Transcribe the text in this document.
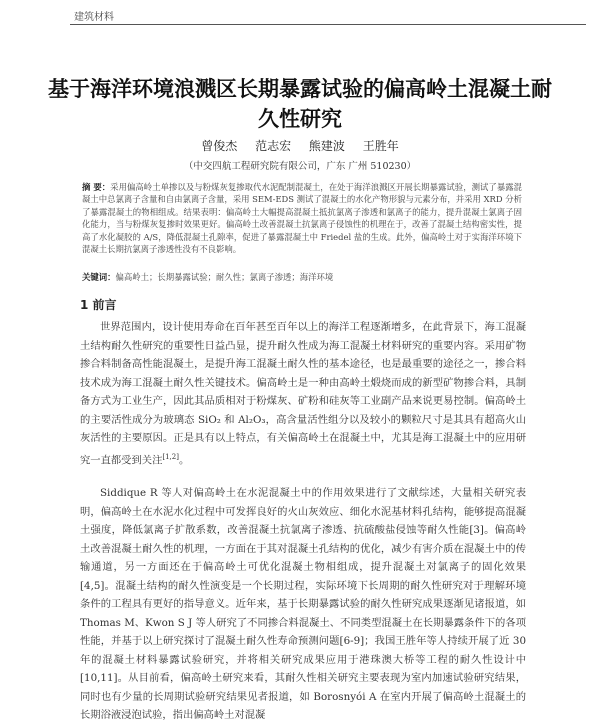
建筑材料
基于海洋环境浪溅区长期暴露试验的偏高岭土混凝土耐久性研究
曾俊杰 范志宏 熊建波 王胜年
（中交四航工程研究院有限公司，广东 广州 510230）
摘 要：采用偏高岭土单掺以及与粉煤灰复掺取代水泥配制混凝土，在处于海洋浪溅区开展长期暴露试验，测试了暴露混凝土中总氯离子含量和自由氯离子含量，采用 SEM-EDS 测试了混凝土的水化产物形貌与元素分布，并采用 XRD 分析了暴露混凝土的物相组成。结果表明：偏高岭土大幅提高混凝土抵抗氯离子渗透和氯离子的能力，提升混凝土氯离子固化能力，当与粉煤灰复掺时效果更好。偏高岭土改善混凝土抗氯离子侵蚀性的机理在于，改善了混凝土结构密实性，提高了水化凝胶的 A/S，降低混凝土孔隙率，促进了暴露混凝土中 Friedel 盐的生成。此外，偏高岭土对于实海洋环境下混凝土长期抗氯离子渗透性没有不良影响。
关键词：偏高岭土；长期暴露试验；耐久性；氯离子渗透；海洋环境
1 前言
世界范围内，设计使用寿命在百年甚至百年以上的海洋工程逐渐增多，在此背景下，海工混凝土结构耐久性研究的重要性日益凸显，提升耐久性成为海工混凝土材料研究的重要内容。采用矿物掺合料制备高性能混凝土，是提升海工混凝土耐久性的基本途径，也是最重要的途径之一，掺合料技术成为海工混凝土耐久性关键技术。偏高岭土是一种由高岭土煅烧而成的新型矿物掺合料，具制备方式为工业生产，因此其品质相对于粉煤灰、矿粉和硅灰等工业副产品来说更易控制。偏高岭土的主要活性成分为玻璃态 SiO₂ 和 Al₂O₃，高含量活性组分以及较小的颗粒尺寸是其具有超高火山灰活性的主要原因。正是具有以上特点，有关偏高岭土在混凝土中，尤其是海工混凝土中的应用研究一直都受到关注[1,2]。
Siddique R 等人对偏高岭土在水泥混凝土中的作用效果进行了文献综述，大量相关研究表明，偏高岭土在水泥水化过程中可发挥良好的火山灰效应、细化水泥基材料孔结构，能够提高混凝土强度，降低氯离子扩散系数，改善混凝土抗氯离子渗透、抗硫酸盐侵蚀等耐久性能[3]。偏高岭土改善混凝土耐久性的机理，一方面在于其对混凝土孔结构的优化，减少有害介质在混凝土中的传输通道，另一方面还在于偏高岭土可优化混凝土物相组成，提升混凝土对氯离子的固化效果[4,5]。混凝土结构的耐久性演变是一个长期过程，实际环境下长周期的耐久性研究对于理解环境条件的工程具有更好的指导意义。近年来，基于长期暴露试验的耐久性研究成果逐渐见诸报道，如 Thomas M、Kwon S J 等人研究了不同掺合料混凝土、不同类型混凝土在长期暴露条件下的各项性能，并基于以上研究探讨了混凝土耐久性寿命预测问题[6-9]；我国王胜年等人持续开展了近 30 年的混凝土材料暴露试验研究，并将相关研究成果应用于港珠澳大桥等工程的耐久性设计中[10,11]。从目前看，偏高岭土研究来看，其耐久性相关研究主要表现为室内加速试验研究结果，同时也有少量的长周期试验研究结果见者报道，如 Borosnyói A 在室内开展了偏高岭土混凝土的长期浴液浸泡试验，指出偏高岭土对混凝
